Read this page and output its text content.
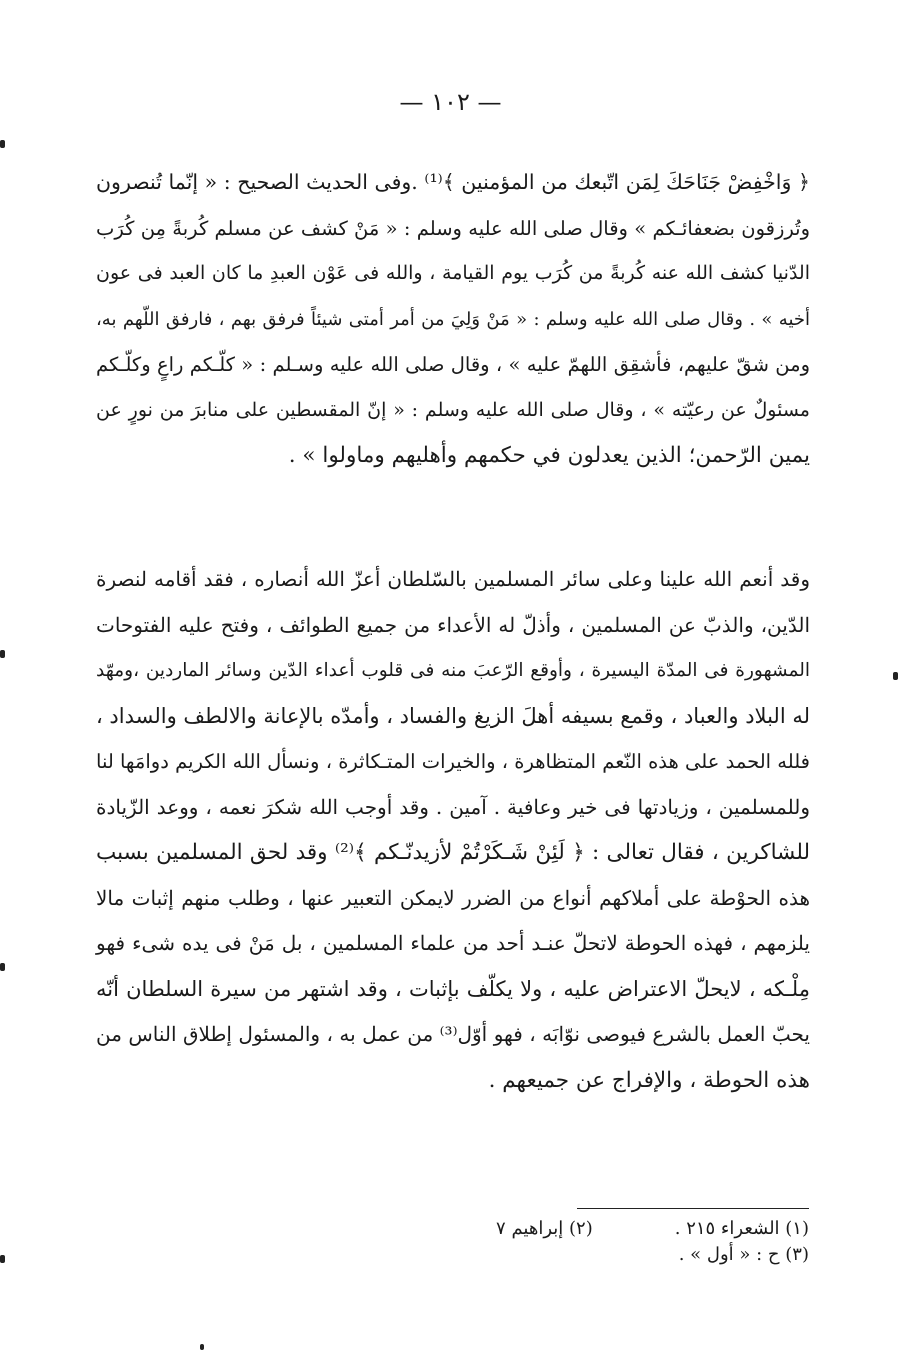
— ١٠٢ —
﴿ وَاخْفِضْ جَنَاحَكَ لِمَن اتّبعك من المؤمنين ﴾⁽¹⁾ .وفى الحديث الصحيح : « إنّما تُنصرون
وتُرزقون بضعفائـكم » وقال صلى الله عليه وسلم : « مَنْ كشف عن مسلم كُربةً مِن كُرَب
الدّنيا كشف الله عنه كُربةً من كُرَب يوم القيامة ، والله فى عَوْن العبدِ ما كان العبد فى عون
أخيه » . وقال صلى الله عليه وسلم : « مَنْ وَلِيَ من أمر أمتى شيئاً فرفق بهم ، فارفق اللّهم به،
ومن شقّ عليهم، فأشقِق اللهمّ عليه » ، وقال صلى الله عليه وسـلم : « كلّـكم راعٍ وكلّـكم
مسئولٌ عن رعيّته » ، وقال صلى الله عليه وسلم : « إنّ المقسطين على منابرَ من نورٍ عن
يمين الرّحمن؛ الذين يعدلون في حكمهم وأهليهم وماولوا » .
وقد أنعم الله علينا وعلى سائر المسلمين بالسّلطان أعزّ الله أنصاره ، فقد أقامه لنصرة
الدّين، والذبّ عن المسلمين ، وأذلّ له الأعداء من جميع الطوائف ، وفتح عليه الفتوحات
المشهورة فى المدّة اليسيرة ، وأوقع الرّعبَ منه فى قلوب أعداء الدّين وسائر الماردين ،ومهّد
له البلاد والعباد ، وقمع بسيفه أهلَ الزيغ والفساد ، وأمدّه بالإعانة والالطف والسداد ،
فلله الحمد على هذه النّعم المتظاهرة ، والخيرات المتـكاثرة ، ونسأل الله الكريم دوامَها لنا
وللمسلمين ، وزيادتها فى خير وعافية . آمين . وقد أوجب الله شكرَ نعمه ، ووعد الزّيادة
للشاكرين ، فقال تعالى : ﴿ لَئِنْ شَـكَرْتُمْ لأزيدنّـكم ﴾⁽²⁾ وقد لحق المسلمين بسبب
هذه الحوْطة على أملاكهم أنواع من الضرر لايمكن التعبير عنها ، وطلب منهم إثبات مالا
يلزمهم ، فهذه الحوطة لاتحلّ عنـد أحد من علماء المسلمين ، بل مَنْ فى يده شىء فهو
مِلْـكه ، لايحلّ الاعتراض عليه ، ولا يكلّف بإثبات ، وقد اشتهر من سيرة السلطان أنّه
يحبّ العمل بالشرع فيوصى نوّابَه ، فهو أوّل⁽³⁾ من عمل به ، والمسئول إطلاق الناس من
هذه الحوطة ، والإفراج عن جميعهم .
(١) الشعراء ٢١٥ .
(٢) إبراهيم ٧
(٣) ح : « أول » .
